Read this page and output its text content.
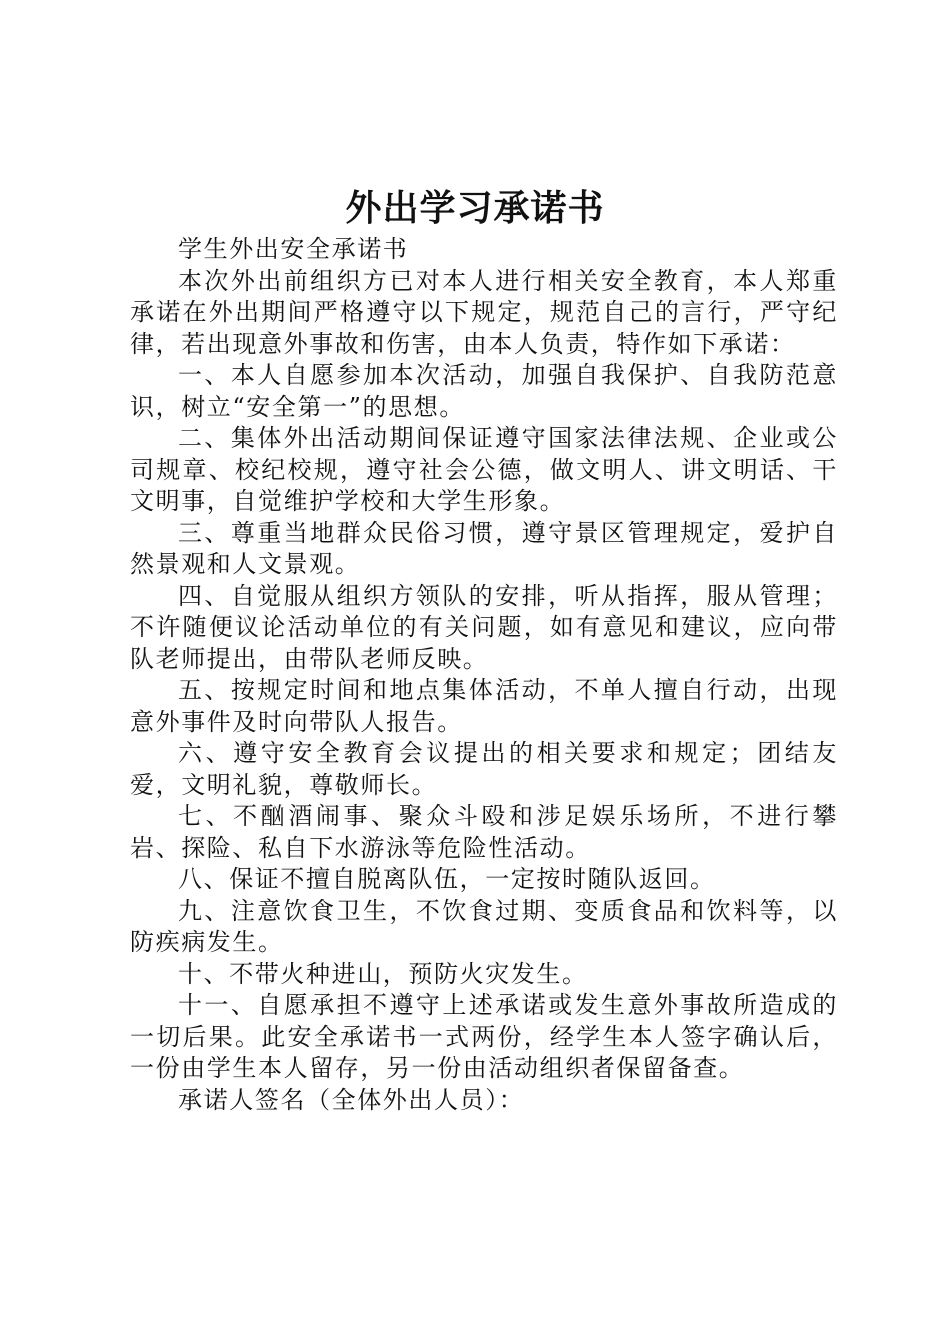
外出学习承诺书

学生外出安全承诺书

本次外出前组织方已对本人进行相关安全教育，本人郑重承诺在外出期间严格遵守以下规定，规范自己的言行，严守纪律，若出现意外事故和伤害，由本人负责，特作如下承诺：

一、本人自愿参加本次活动，加强自我保护、自我防范意识，树立“安全第一”的思想。

二、集体外出活动期间保证遵守国家法律法规、企业或公司规章、校纪校规，遵守社会公德，做文明人、讲文明话、干文明事，自觉维护学校和大学生形象。

三、尊重当地群众民俗习惯，遵守景区管理规定，爱护自然景观和人文景观。

四、自觉服从组织方领队的安排，听从指挥，服从管理；不许随便议论活动单位的有关问题，如有意见和建议，应向带队老师提出，由带队老师反映。

五、按规定时间和地点集体活动，不单人擅自行动，出现意外事件及时向带队人报告。

六、遵守安全教育会议提出的相关要求和规定；团结友爱，文明礼貌，尊敬师长。

七、不酗酒闹事、聚众斗殴和涉足娱乐场所，不进行攀岩、探险、私自下水游泳等危险性活动。

八、保证不擅自脱离队伍，一定按时随队返回。

九、注意饮食卫生，不饮食过期、变质食品和饮料等，以防疾病发生。

十、不带火种进山，预防火灾发生。

十一、自愿承担不遵守上述承诺或发生意外事故所造成的一切后果。此安全承诺书一式两份，经学生本人签字确认后，一份由学生本人留存，另一份由活动组织者保留备查。

承诺人签名（全体外出人员）：
